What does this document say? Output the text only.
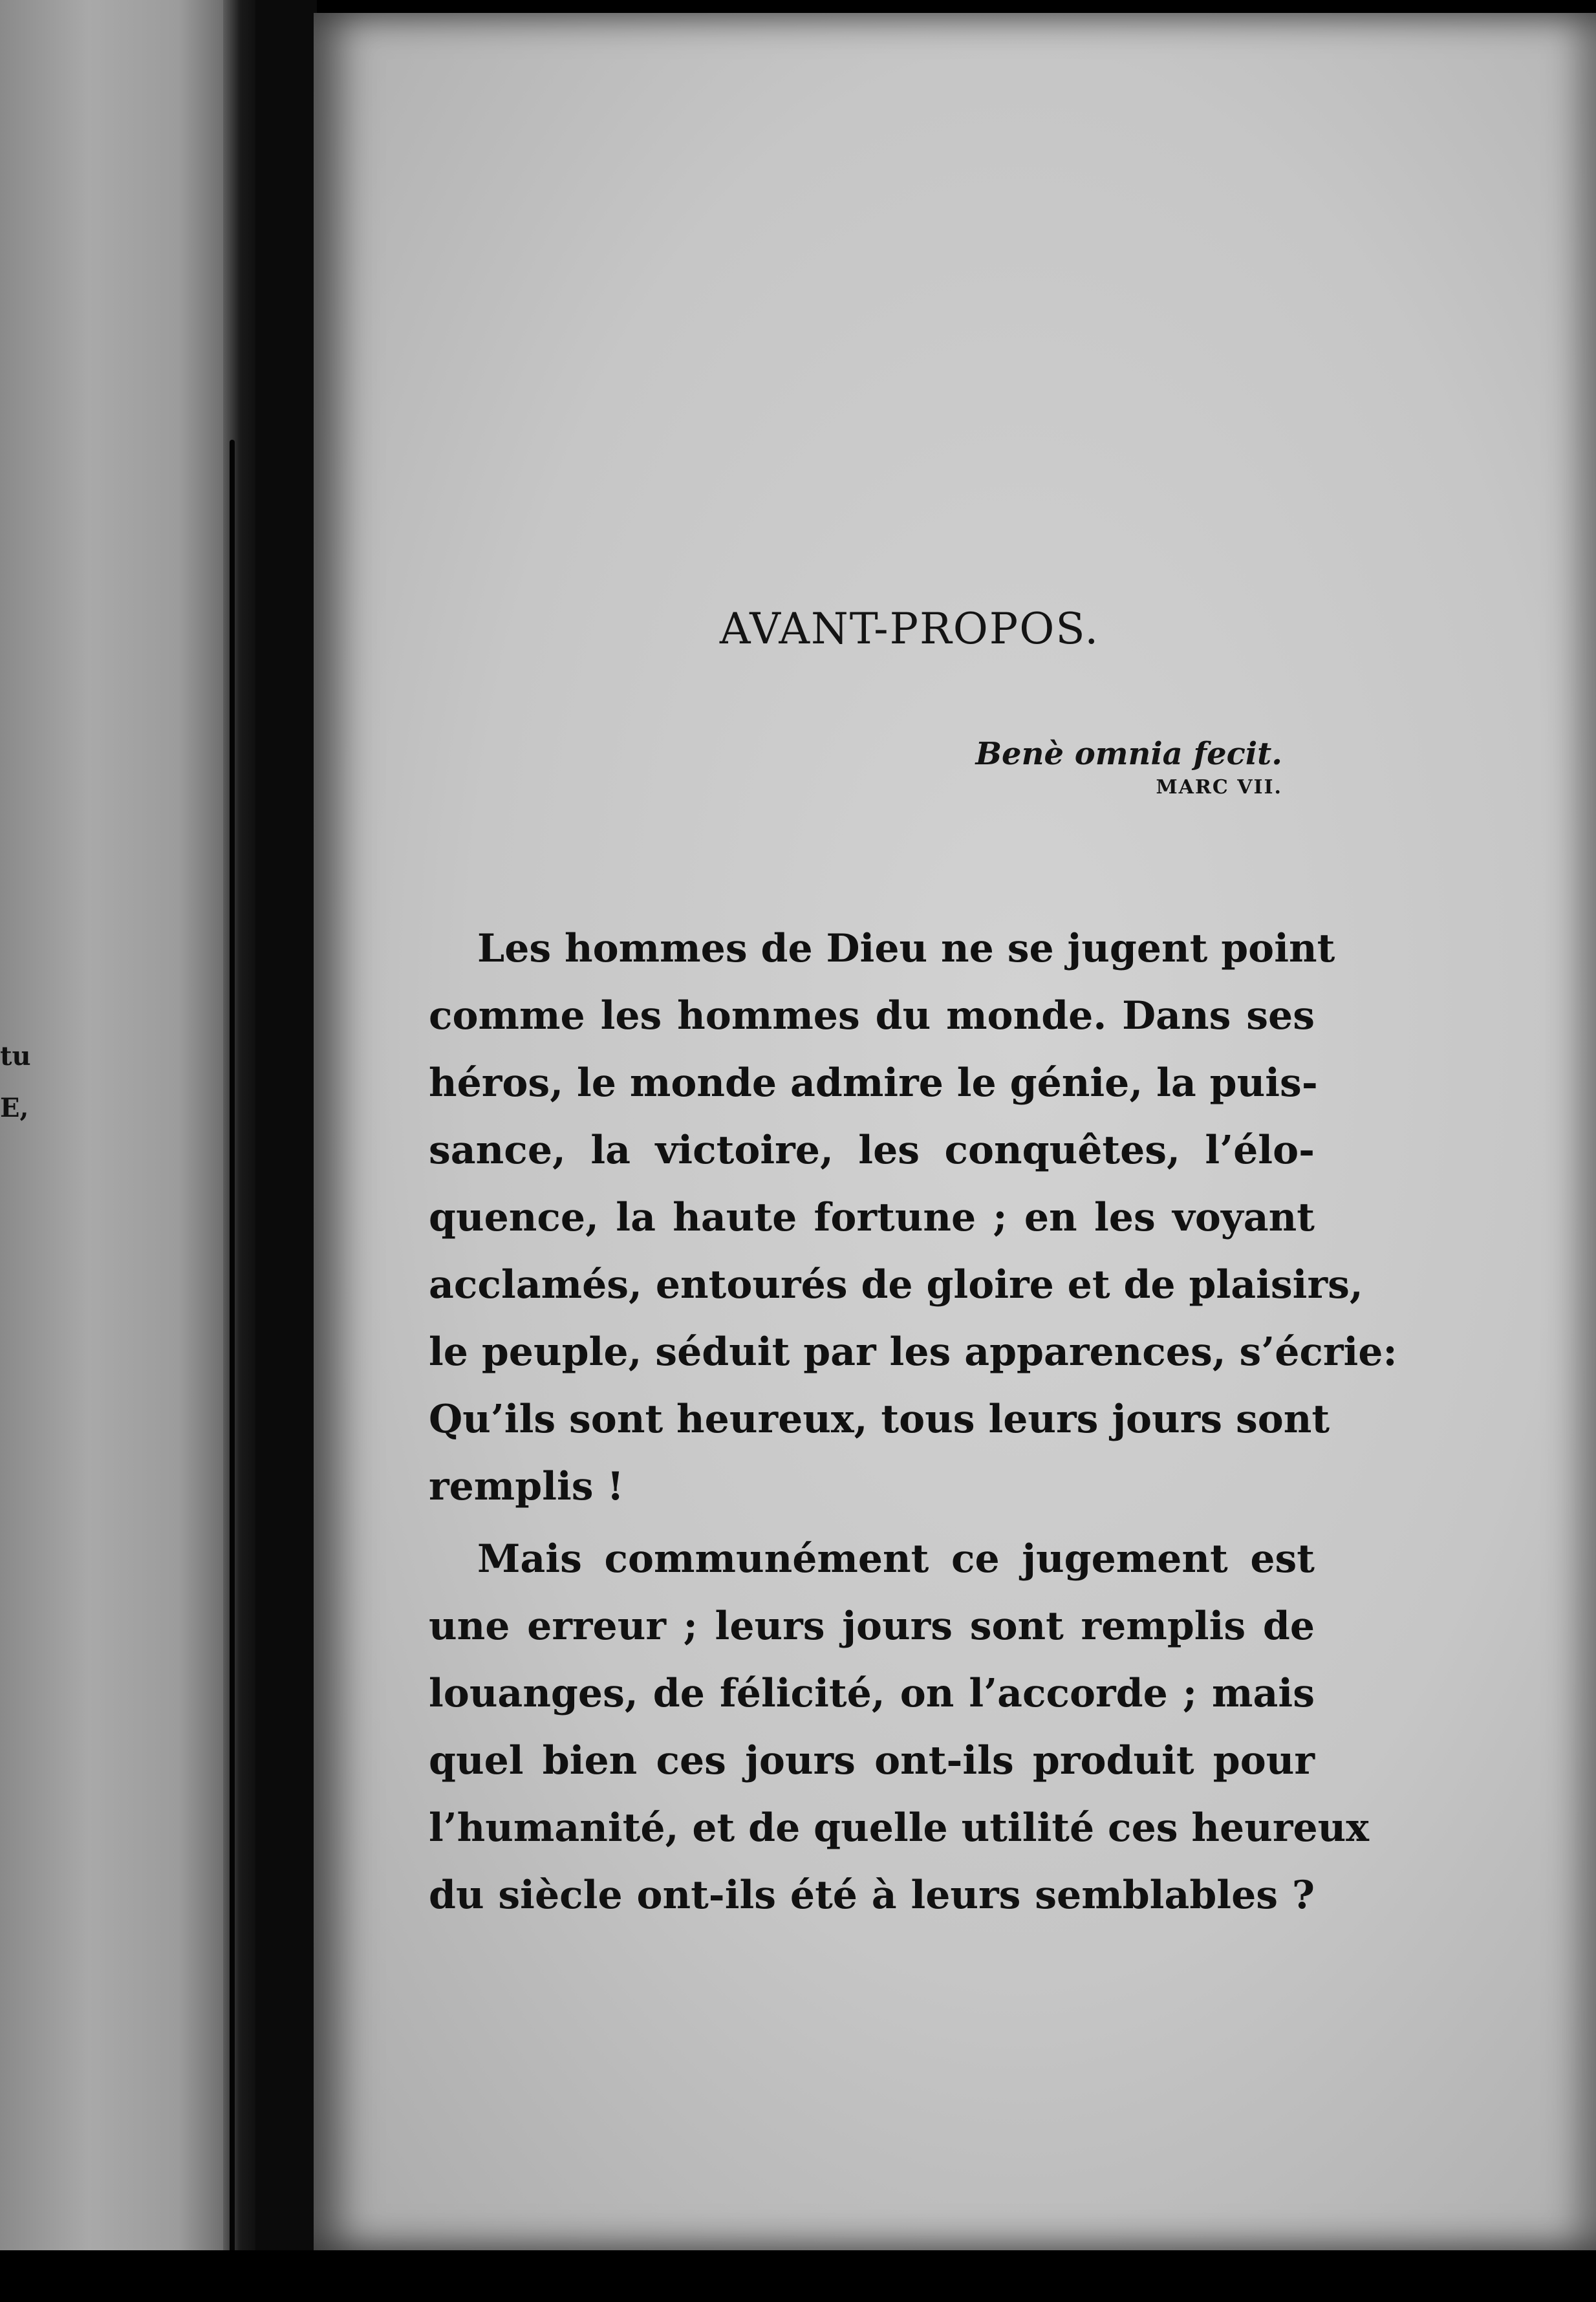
tu
E,
AVANT-PROPOS.
Benè omnia fecit.
MARC VII.

Les hommes de Dieu ne se jugent point
comme les hommes du monde. Dans ses
héros, le monde admire le génie, la puis-
sance, la victoire, les conquêtes, l’élo-
quence, la haute fortune ; en les voyant
acclamés, entourés de gloire et de plaisirs,
le peuple, séduit par les apparences, s’écrie:
Qu’ils sont heureux, tous leurs jours sont
remplis !

Mais communément ce jugement est
une erreur ; leurs jours sont remplis de
louanges, de félicité, on l’accorde ; mais
quel bien ces jours ont-ils produit pour
l’humanité, et de quelle utilité ces heureux
du siècle ont-ils été à leurs semblables ?
